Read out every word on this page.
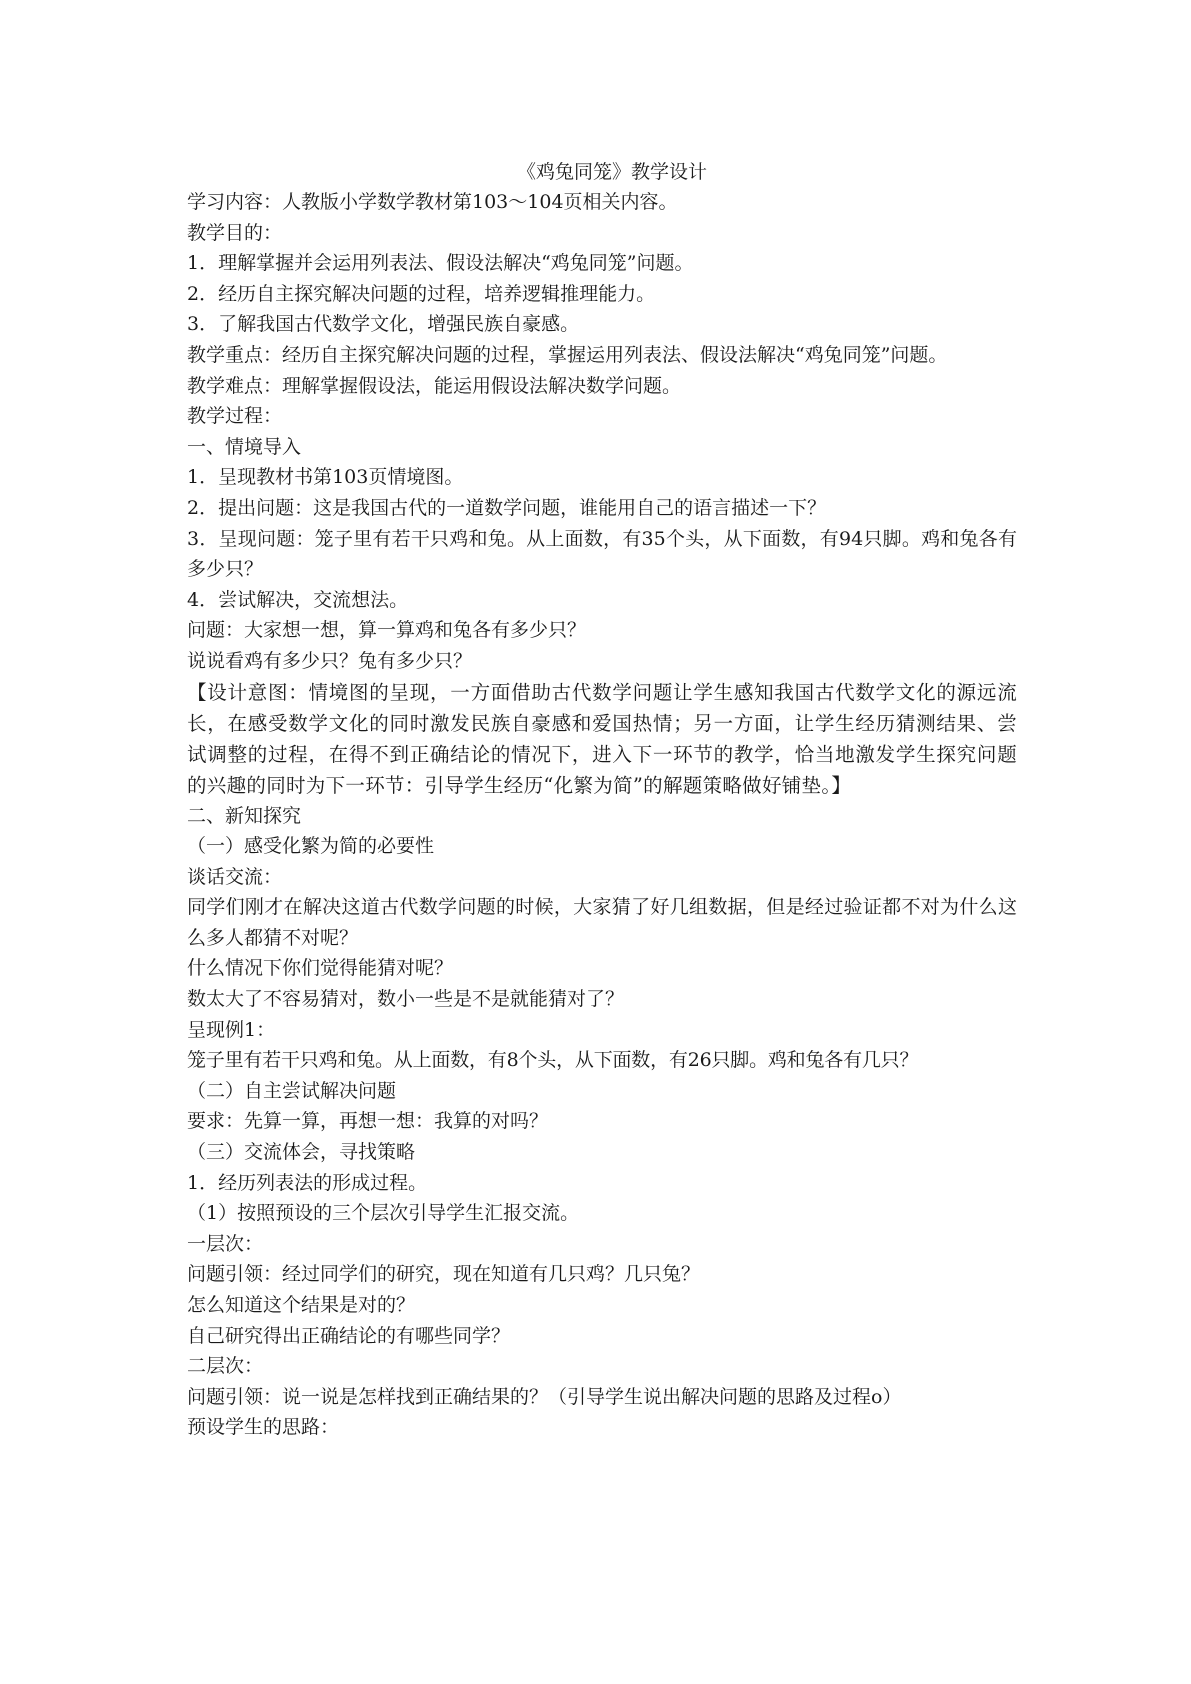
《鸡兔同笼》教学设计

学习内容：人教版小学数学教材第103～104页相关内容。

教学目的：

1．理解掌握并会运用列表法、假设法解决“鸡兔同笼”问题。

2．经历自主探究解决问题的过程，培养逻辑推理能力。

3．了解我国古代数学文化，增强民族自豪感。

教学重点：经历自主探究解决问题的过程，掌握运用列表法、假设法解决“鸡兔同笼”问题。

教学难点：理解掌握假设法，能运用假设法解决数学问题。

教学过程：

一、情境导入

1．呈现教材书第103页情境图。

2．提出问题：这是我国古代的一道数学问题，谁能用自己的语言描述一下？

3．呈现问题：笼子里有若干只鸡和兔。从上面数，有35个头，从下面数，有94只脚。鸡和兔各有多少只？

4．尝试解决，交流想法。

问题：大家想一想，算一算鸡和兔各有多少只？

说说看鸡有多少只？兔有多少只？

【设计意图：情境图的呈现，一方面借助古代数学问题让学生感知我国古代数学文化的源远流长，在感受数学文化的同时激发民族自豪感和爱国热情；另一方面，让学生经历猜测结果、尝试调整的过程，在得不到正确结论的情况下，进入下一环节的教学，恰当地激发学生探究问题的兴趣的同时为下一环节：引导学生经历“化繁为简”的解题策略做好铺垫。】

二、新知探究

（一）感受化繁为简的必要性

谈话交流：

同学们刚才在解决这道古代数学问题的时候，大家猜了好几组数据，但是经过验证都不对为什么这么多人都猜不对呢？

什么情况下你们觉得能猜对呢？

数太大了不容易猜对，数小一些是不是就能猜对了？

呈现例1：

笼子里有若干只鸡和兔。从上面数，有8个头，从下面数，有26只脚。鸡和兔各有几只？

（二）自主尝试解决问题

要求：先算一算，再想一想：我算的对吗？

（三）交流体会，寻找策略

1．经历列表法的形成过程。

（1）按照预设的三个层次引导学生汇报交流。

一层次：

问题引领：经过同学们的研究，现在知道有几只鸡？几只兔？

怎么知道这个结果是对的？

自己研究得出正确结论的有哪些同学？

二层次：

问题引领：说一说是怎样找到正确结果的？（引导学生说出解决问题的思路及过程o）

预设学生的思路：
